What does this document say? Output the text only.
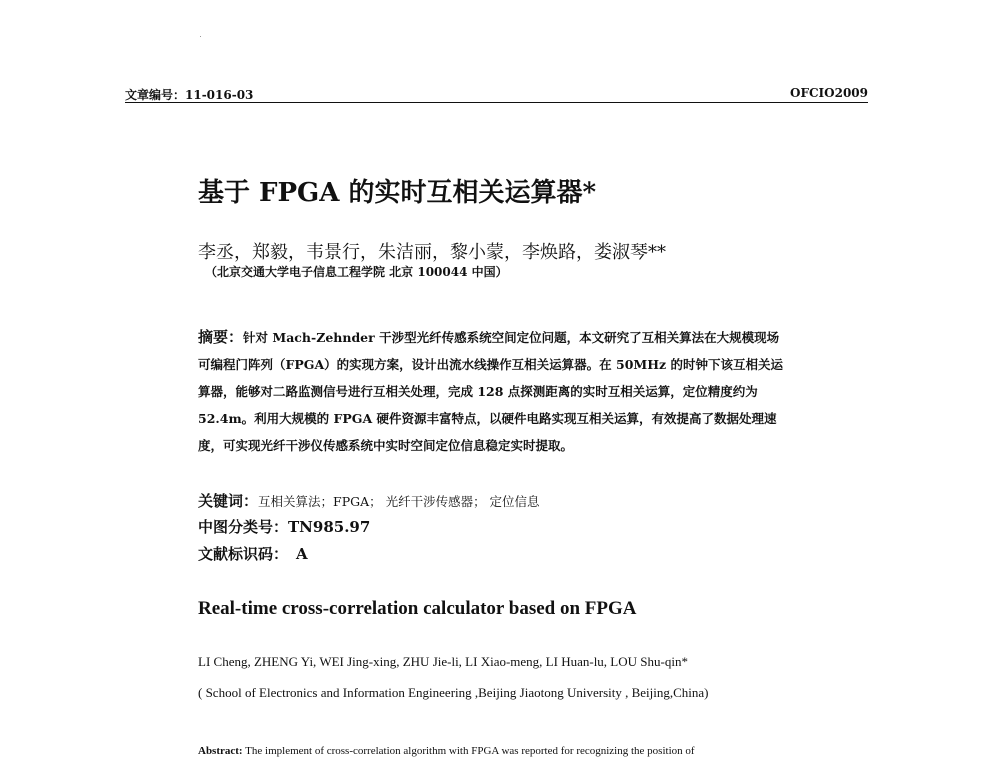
文章编号：11-016-03	OFCIO2009
基于 FPGA 的实时互相关运算器*
李丞，郑毅，韦景行，朱洁丽，黎小蒙，李焕路，娄淑琴**
（北京交通大学电子信息工程学院 北京 100044 中国）
摘要：针对 Mach-Zehnder 干涉型光纤传感系统空间定位问题，本文研究了互相关算法在大规模现场可编程门阵列（FPGA）的实现方案，设计出流水线操作互相关运算器。在 50MHz 的时钟下该互相关运算器，能够对二路监测信号进行互相关处理，完成 128 点探测距离的实时互相关运算，定位精度约为 52.4m。利用大规模的 FPGA 硬件资源丰富特点，以硬件电路实现互相关运算，有效提高了数据处理速度，可实现光纤干涉仪传感系统中实时空间定位信息稳定实时提取。
关键词：互相关算法；FPGA； 光纤干涉传感器； 定位信息
中图分类号：TN985.97
文献标识码： A
Real-time cross-correlation calculator based on FPGA
LI Cheng, ZHENG Yi, WEI Jing-xing, ZHU Jie-li, LI Xiao-meng, LI Huan-lu, LOU Shu-qin*
( School of Electronics and Information Engineering ,Beijing Jiaotong University , Beijing,China)
Abstract: The implement of cross-correlation algorithm with FPGA was reported for recognizing the position of
